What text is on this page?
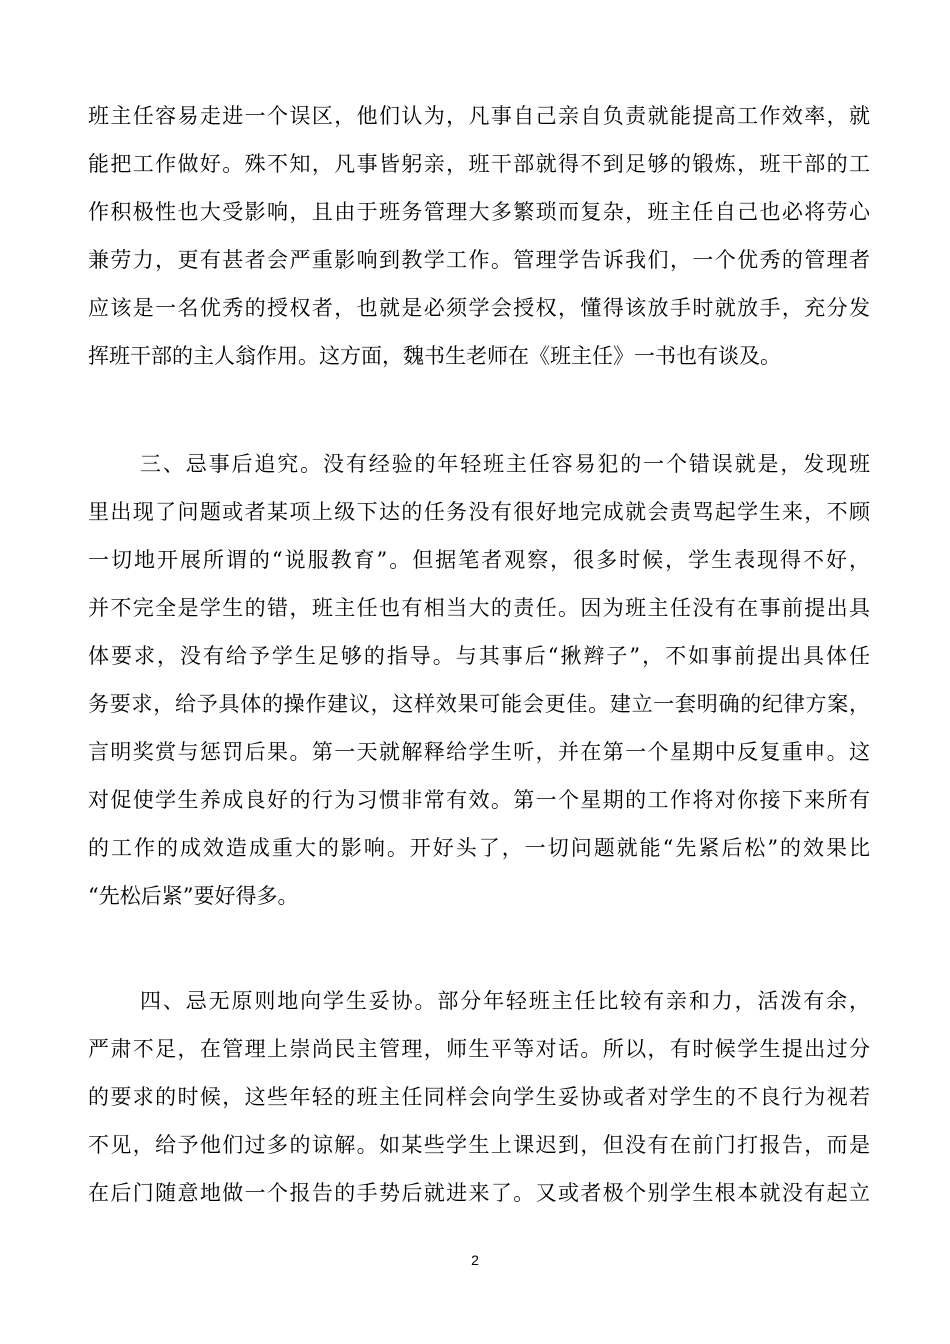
班主任容易走进一个误区，他们认为，凡事自己亲自负责就能提高工作效率，就
能把工作做好。殊不知，凡事皆躬亲，班干部就得不到足够的锻炼，班干部的工
作积极性也大受影响，且由于班务管理大多繁琐而复杂，班主任自己也必将劳心
兼劳力，更有甚者会严重影响到教学工作。管理学告诉我们，一个优秀的管理者
应该是一名优秀的授权者，也就是必须学会授权，懂得该放手时就放手，充分发
挥班干部的主人翁作用。这方面，魏书生老师在《班主任》一书也有谈及。
三、忌事后追究。没有经验的年轻班主任容易犯的一个错误就是，发现班
里出现了问题或者某项上级下达的任务没有很好地完成就会责骂起学生来，不顾
一切地开展所谓的“说服教育”。但据笔者观察，很多时候，学生表现得不好，
并不完全是学生的错，班主任也有相当大的责任。因为班主任没有在事前提出具
体要求，没有给予学生足够的指导。与其事后“揪辫子”，不如事前提出具体任
务要求，给予具体的操作建议，这样效果可能会更佳。建立一套明确的纪律方案，
言明奖赏与惩罚后果。第一天就解释给学生听，并在第一个星期中反复重申。这
对促使学生养成良好的行为习惯非常有效。第一个星期的工作将对你接下来所有
的工作的成效造成重大的影响。开好头了，一切问题就能“先紧后松”的效果比
“先松后紧”要好得多。
四、忌无原则地向学生妥协。部分年轻班主任比较有亲和力，活泼有余，
严肃不足，在管理上崇尚民主管理，师生平等对话。所以，有时候学生提出过分
的要求的时候，这些年轻的班主任同样会向学生妥协或者对学生的不良行为视若
不见，给予他们过多的谅解。如某些学生上课迟到，但没有在前门打报告，而是
在后门随意地做一个报告的手势后就进来了。又或者极个别学生根本就没有起立
2
